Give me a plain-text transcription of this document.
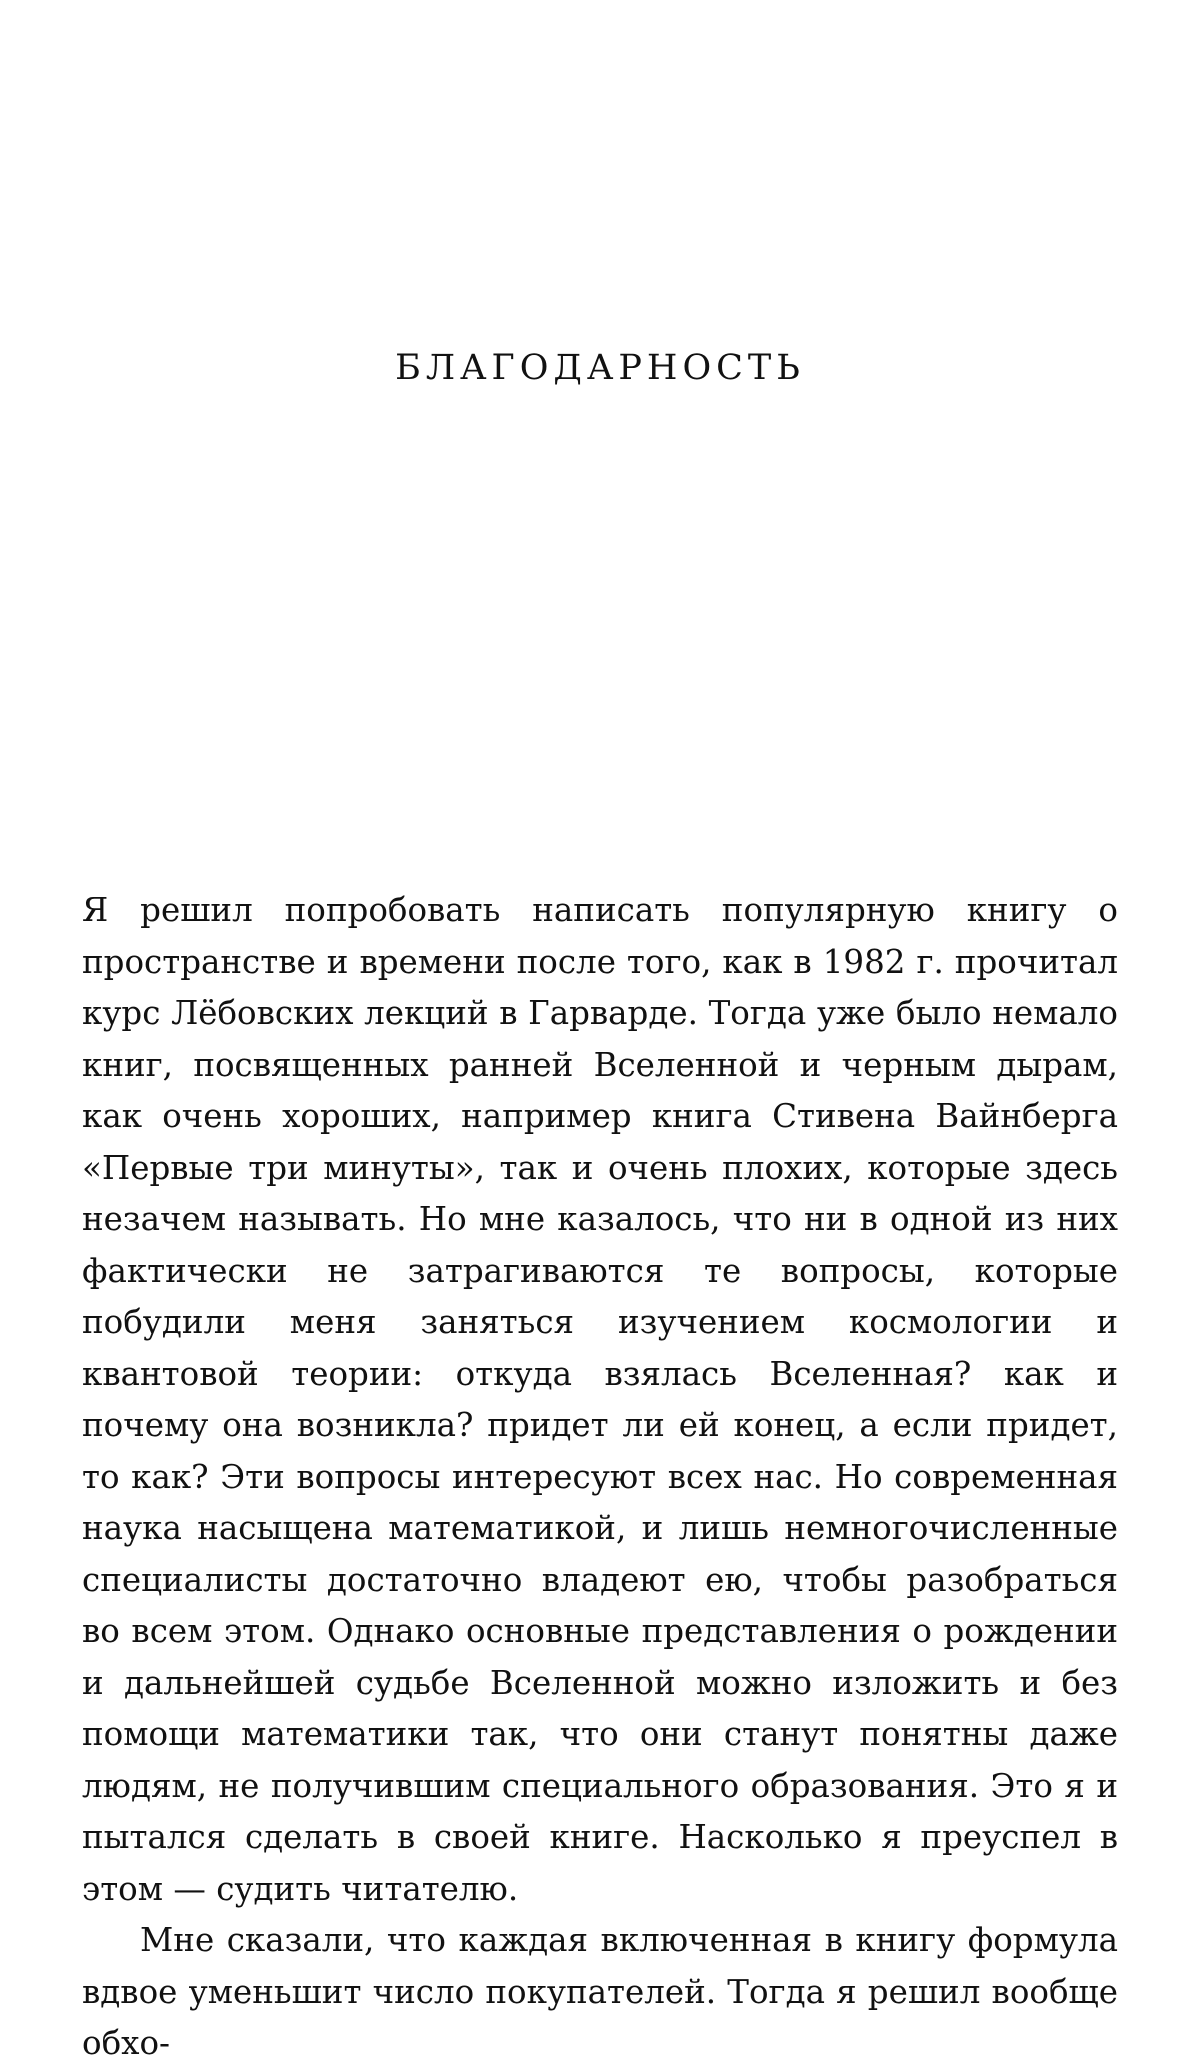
БЛАГОДАРНОСТЬ

Я решил попробовать написать популярную книгу о пространстве и времени после того, как в 1982 г. прочитал курс Лёбовских лекций в Гарварде. Тогда уже было немало книг, посвященных ранней Вселенной и черным дырам, как очень хороших, например книга Стивена Вайнберга «Первые три минуты», так и очень плохих, которые здесь незачем называть. Но мне казалось, что ни в одной из них фактически не затрагиваются те вопросы, которые побудили меня заняться изучением космологии и квантовой теории: откуда взялась Вселенная? как и почему она возникла? придет ли ей конец, а если придет, то как? Эти вопросы интересуют всех нас. Но современная наука насыщена математикой, и лишь немногочисленные специалисты достаточно владеют ею, чтобы разобраться во всем этом. Однако основные представления о рождении и дальнейшей судьбе Вселенной можно изложить и без помощи математики так, что они станут понятны даже людям, не получившим специального образования. Это я и пытался сделать в своей книге. Насколько я преуспел в этом — судить читателю.

Мне сказали, что каждая включенная в книгу формула вдвое уменьшит число покупателей. Тогда я решил вообще обхо-
